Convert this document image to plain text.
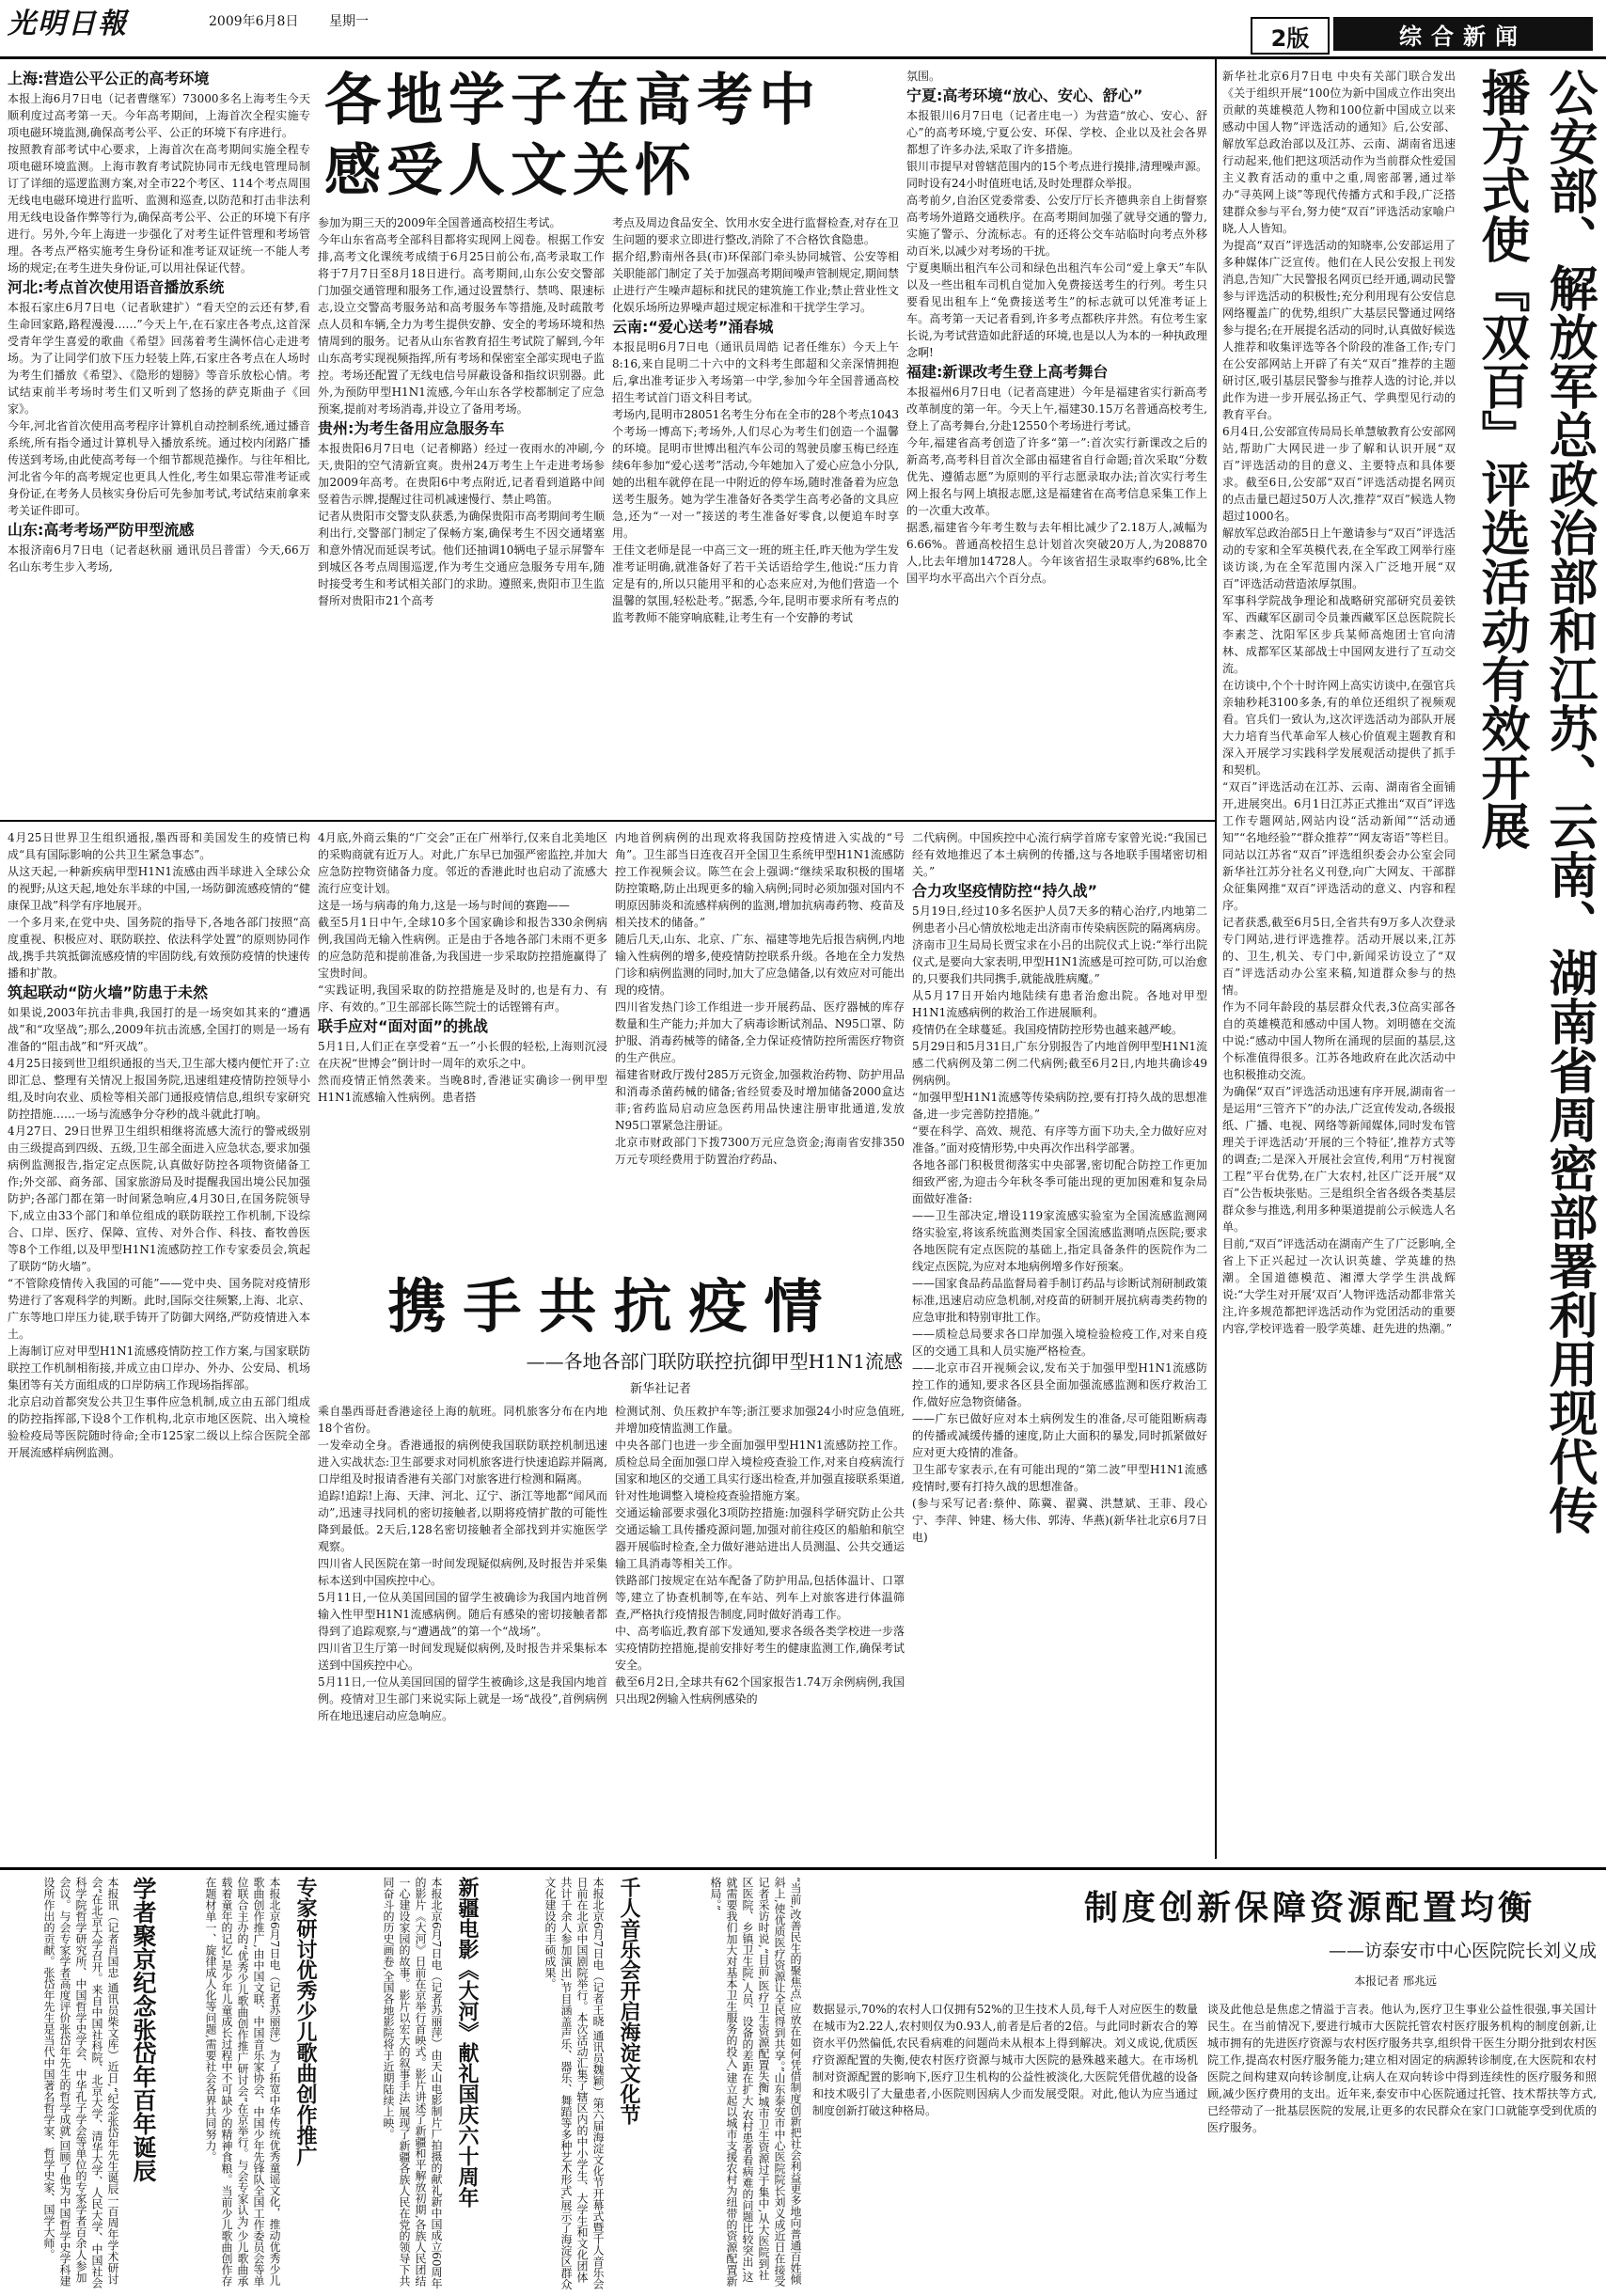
光明日報	2009年6月8日	星期一
2版	综合新闻
各地学子在高考中
感受人文关怀
上海:营造公平公正的高考环境
本报上海6月7日电（记者曹继军）73000多名上海考生今天顺利度过高考第一天。今年高考期间，上海首次全程实施专项电磁环境监测,确保高考公平、公正的环境下有序进行。
按照教育部考试中心要求，上海首次在高考期间实施全程专项电磁环境监测。上海市教育考试院协同市无线电管理局制订了详细的巡逻监测方案,对全市22个考区、114个考点周围无线电电磁环境进行监听、监测和巡查,以防范和打击非法利用无线电设备作弊等行为,确保高考公平、公正的环境下有序进行。另外,今年上海进一步强化了对考生证件管理和考场管理。各考点严格实施考生身份证和准考证双证统一不能人考场的规定;在考生进失身份证,可以用社保证代替。
河北:考点首次使用语音播放系统
本报石家庄6月7日电（记者耿建扩）“看天空的云还有梦,看生命回家路,路程漫漫……”今天上午,在石家庄各考点,这首深受青年学生喜爱的歌曲《希望》回荡着考生满怀信心走进考场。为了让同学们放下压力轻装上阵,石家庄各考点在人场时为考生们播放《希望》、《隐形的翅膀》等音乐放松心情。考试结束前半考场时考生们又听到了悠扬的萨克斯曲子《回家》。
今年,河北省首次使用高考程序计算机自动控制系统,通过播音系统,所有指令通过计算机导入播放系统。通过校内闭路广播传送到考场,由此使高考每一个细节都规范操作。与往年相比,河北省今年的高考规定也更具人性化,考生如果忘带准考证或身份证,在考务人员核实身份后可先参加考试,考试结束前拿来考关证件即可。
山东:高考考场严防甲型流感
本报济南6月7日电（记者赵秋丽 通讯员吕普雷）今天,66万名山东考生步入考场,
参加为期三天的2009年全国普通高校招生考试。
今年山东省高考全部科目都将实现网上阅卷。根据工作安排,高考文化课统考成绩于6月25日前公布,高考录取工作将于7月7日至8月18日进行。高考期间,山东公安交警部门加强交通管理和服务工作,通过设置禁行、禁鸣、限速标志,设立交警高考服务站和高考服务车等措施,及时疏散考点人员和车辆,全力为考生提供安静、安全的考场环境和热情周到的服务。记者从山东省教育招生考试院了解到,今年山东高考实现视频指挥,所有考场和保密室全部实现电子监控。考场还配置了无线电信号屏蔽设备和指纹识别器。此外,为预防甲型H1N1流感,今年山东各学校都制定了应急预案,提前对考场消毒,并设立了备用考场。
贵州:为考生备用应急服务车
本报贵阳6月7日电（记者柳路）经过一夜雨水的冲刷,今天,贵阳的空气清新宜爽。贵州24万考生上午走进考场参加2009年高考。在贵阳6中考点附近,记者看到道路中间竖着告示牌,提醒过往司机减速慢行、禁止鸣笛。
记者从贵阳市交警支队获悉,为确保贵阳市高考期间考生顺利出行,交警部门制定了保畅方案,确保考生不因交通堵塞和意外情况而延误考试。他们还抽调10辆电子显示屏警车到城区各考点周围巡逻,作为考生交通应急服务专用车,随时接受考生和考试相关部门的求助。遵照来,贵阳市卫生监督所对贵阳市21个高考
考点及周边食品安全、饮用水安全进行监督检查,对存在卫生问题的要求立即进行整改,消除了不合格饮食隐患。
据介绍,黔南州各县(市)环保部门牵头协同城管、公安等相关职能部门制定了关于加强高考期间噪声管制规定,期间禁止进行产生噪声超标和扰民的建筑施工作业;禁止营业性文化娱乐场所边界噪声超过规定标准和干扰学生学习。
云南:“爱心送考”涌春城
本报昆明6月7日电（通讯员周皓 记者任维东）今天上午8:16,来自昆明二十六中的文科考生郎超和父亲深情拥抱后,拿出准考证步入考场第一中学,参加今年全国普通高校招生考试首门语文科目考试。
考场内,昆明市28051名考生分布在全市的28个考点1043个考场一博高下;考场外,人们尽心为考生们创造一个温馨的环境。昆明市世博出租汽车公司的驾驶员廖玉梅已经连续6年参加“爱心送考”活动,今年她加入了爱心应急小分队,她的出租车就停在昆一中附近的停车场,随时准备着为应急送考生服务。她为学生准备好各类学生高考必备的文具应急,还为“一对一”接送的考生准备好零食,以便追车时享用。
王佳文老师是昆一中高三文一班的班主任,昨天他为学生发准考证明确,就准备好了若干关话语给学生,他说:“压力肯定是有的,所以只能用平和的心态来应对,为他们营造一个温馨的氛围,轻松赴考。”据悉,今年,昆明市要求所有考点的监考教师不能穿响底鞋,让考生有一个安静的考试
氛围。
宁夏:高考环境“放心、安心、舒心”
本报银川6月7日电（记者庄电一）为营造“放心、安心、舒心”的高考环境,宁夏公安、环保、学校、企业以及社会各界都想了许多办法,采取了许多措施。
银川市提早对曾辖范围内的15个考点进行摸排,清理噪声源。同时设有24小时值班电话,及时处理群众举报。
高考前夕,自治区党委常委、公安厅厅长齐德典亲自上街督察高考场外道路交通秩序。在高考期间加强了就导交通的警力,实施了警示、分流标志。有的还将公交车站临时向考点外移动百米,以减少对考场的干扰。
宁夏奥顺出租汽车公司和绿色出租汽车公司“爱上拿天”车队以及一些出租车司机自觉加入免费接送考生的行列。考生只要看见出租车上“免费接送考生”的标志就可以凭准考证上车。高考第一天记者看到,许多考点都秩序井然。有位考生家长说,为考试营造如此舒适的环境,也是以人为本的一种执政理念啊!
福建:新课改考生登上高考舞台
本报福州6月7日电（记者高建进）今年是福建省实行新高考改革制度的第一年。今天上午,福建30.15万名普通高校考生,登上了高考舞台,分赴12550个考场进行考试。
今年,福建省高考创造了许多“第一”:首次实行新课改之后的新高考,高考科目首次全部由福建省自行命题;首次采取“分数优先、遵循志愿”为原则的平行志愿录取办法;首次实行考生网上报名与网上填报志愿,这是福建省在高考信息采集工作上的一次重大改革。
据悉,福建省今年考生数与去年相比减少了2.18万人,减幅为6.66%。普通高校招生总计划首次突破20万人,为208870人,比去年增加14728人。今年该省招生录取率约68%,比全国平均水平高出六个百分点。	公安部、解放军总政治部和江苏、云南、湖南省周密部署利用现代传播方式使『双百』评选活动有效开展
新华社北京6月7日电 中央有关部门联合发出《关于组织开展“100位为新中国成立作出突出贡献的英雄模范人物和100位新中国成立以来感动中国人物”评选活动的通知》后,公安部、解放军总政治部以及江苏、云南、湖南省迅速行动起来,他们把这项活动作为当前群众性爱国主义教育活动的重中之重,周密部署,通过举办“寻英网上谈”等现代传播方式和手段,广泛搭建群众参与平台,努力使“双百”评选活动家喻户晓,人人皆知。
为提高“双百”评选活动的知晓率,公安部运用了多种媒体广泛宣传。他们在人民公安报上刊发消息,告知广大民警报名网页已经开通,调动民警参与评选活动的积极性;充分利用现有公安信息网络覆盖广的优势,组织广大基层民警通过网络参与提名;在开展提名活动的同时,认真做好候选人推荐和收集评选等各个阶段的准备工作;专门在公安部网站上开辟了有关“双百”推荐的主题研讨区,吸引基层民警参与推荐人选的讨论,并以此作为进一步开展弘扬正气、学典型见行动的教育平台。
6月4日,公安部宣传局局长单慧敏教育公安部网站,帮助广大网民进一步了解和认识开展“双百”评选活动的目的意义、主要特点和具体要求。截至6日,公安部“双百”评选活动提名网页的点击量已超过50万人次,推荐“双百”候选人物超过1000名。
解放军总政治部5日上午邀请参与“双百”评选活动的专家和全军英模代表,在全军政工网举行座谈访谈,为在全军范围内深入广泛地开展“双百”评选活动营造浓厚氛围。
军事科学院战争理论和战略研究部研究员姜铁军、西藏军区副司令员兼西藏军区总医院院长李素芝、沈阳军区步兵某师高炮团士官向清林、成都军区某部战士中国网友进行了互动交流。
在访谈中,个个十时许网上高实访谈中,在强官兵亲轴秒耗3100多条,有的单位还组织了视频观看。官兵们一致认为,这次评选活动为部队开展大力培育当代革命军人核心价值观主题教育和深入开展学习实践科学发展观活动提供了抓手和契机。
“双百”评选活动在江苏、云南、湖南省全面铺开,进展突出。6月1日江苏正式推出“双百”评选工作专题网站,网站内设“活动新闻”“活动通知”“名地经验”“群众推荐”“网友寄语”等栏目。同站以江苏省“双百”评选组织委会办公室会同新华社江苏分社名义刊登,向广大网友、干部群众征集网推“双百”评选活动的意义、内容和程序。
记者获悉,截至6月5日,全省共有9万多人次登录专门网站,进行评选推荐。活动开展以来,江苏的、卫生,机关、专门中,新闻采访设立了“双百”评选活动办公室来稿,知道群众参与的热情。
作为不同年龄段的基层群众代表,3位高实部各自的英雄模范和感动中国人物。刘明德在交流中说:“感动中国人物所在涌现的层面的基层,这个标准值得很多。江苏各地政府在此次活动中也积极推动交流。
为确保“双百”评选活动迅速有序开展,湖南省一是运用“三管齐下”的办法,广泛宣传发动,各级报纸、广播、电视、网络等新闻媒体,同时发布管理关于评选活动‘开展的三个特征’,推荐方式等的调查;二是深入开展社会宣传,利用“万村视窗工程”平台优势,在广大农村,社区广泛开展“双百”公告板块张贴。三是组织全省各级各类基层群众参与推选,利用多种渠道提前公示候选人名单。
目前,“双百”评选活动在湖南产生了广泛影响,全省上下正兴起过一次认识英雄、学英雄的热潮。全国道德模范、湘潭大学学生洪战辉说:“大学生对开展‘双百’人物评选活动都非常关注,许多规范都把评选活动作为党团活动的重要内容,学校评选着一股学英雄、赶先进的热潮。”
4月25日世界卫生组织通报,墨西哥和美国发生的疫情已构成“具有国际影响的公共卫生紧急事态”。
从这天起,一种新疾病甲型H1N1流感由西半球进入全球公众的视野;从这天起,地处东半球的中国,一场防御流感疫情的“健康保卫战”科学有序地展开。
一个多月来,在党中央、国务院的指导下,各地各部门按照“高度重视、积极应对、联防联控、依法科学处置”的原则协同作战,携手共筑抵御流感疫情的牢固防线,有效预防疫情的快速传播和扩散。
筑起联动“防火墙”防患于未然
如果说,2003年抗击非典,我国打的是一场突如其来的“遭遇战”和“攻坚战”;那么,2009年抗击流感,全国打的则是一场有准备的“阻击战”和“歼灭战”。
4月25日接到世卫组织通报的当天,卫生部大楼内便忙开了:立即汇总、整理有关情况上报国务院,迅速组建疫情防控领导小组,及时向农业、质检等相关部门通报疫情信息,组织专家研究防控措施……一场与流感争分夺秒的战斗就此打响。
4月27日、29日世界卫生组织相继将流感大流行的警戒级别由三级提高到四级、五级,卫生部全面进入应急状态,要求加强病例监测报告,指定定点医院,认真做好防控各项物资储备工作;外交部、商务部、国家旅游局及时提醒我国出境公民加强防护;各部门都在第一时间紧急响应,4月30日,在国务院领导下,成立由33个部门和单位组成的联防联控工作机制,下设综合、口岸、医疗、保障、宣传、对外合作、科技、畜牧兽医等8个工作组,以及甲型H1N1流感防控工作专家委员会,筑起了联防“防火墙”。
“不管除疫情传入我国的可能”——党中央、国务院对疫情形势进行了客观科学的判断。此时,国际交往频繁,上海、北京、广东等地口岸压力徒,联手铸开了防御大网络,严防疫情进入本土。
上海制订应对甲型H1N1流感疫情防控工作方案,与国家联防联控工作机制相衔接,并成立由口岸办、外办、公安局、机场集团等有关方面组成的口岸防病工作现场指挥部。
北京启动首都突发公共卫生事件应急机制,成立由五部门组成的防控指挥部,下设8个工作机构,北京市地区医院、出入境检验检疫局等医院随时待命;全市125家二级以上综合医院全部开展流感样病例监测。
4月底,外商云集的“广交会”正在广州举行,仅来自北美地区的采购商就有近万人。对此,广东早已加强严密监控,并加大应急防控物资储备力度。邻近的香港此时也启动了流感大流行应变计划。
这是一场与病毒的角力,这是一场与时间的赛跑——
截至5月1日中午,全球10多个国家确诊和报告330余例病例,我国尚无输入性病例。正是由于各地各部门未雨不更多的应急防范和提前准备,为我国进一步采取防控措施赢得了宝贵时间。
“实践证明,我国采取的防控措施是及时的,也是有力、有序、有效的。”卫生部部长陈竺院士的话铿锵有声。
联手应对“面对面”的挑战
5月1日,人们正在享受着“五一”小长假的轻松,上海则沉浸在庆祝“世博会”倒计时一周年的欢乐之中。
然而疫情正悄然袭来。当晚8时,香港证实确诊一例甲型H1N1流感输入性病例。患者搭
内地首例病例的出现欢将我国防控疫情进入实战的“号角”。卫生部当日连夜召开全国卫生系统甲型H1N1流感防控工作视频会议。陈竺在会上强调:“继续采取积极的围堵防控策略,防止出现更多的输入病例;同时必须加强对国内不明原因肺炎和流感样病例的监测,增加抗病毒药物、疫苗及相关技术的储备。”
随后几天,山东、北京、广东、福建等地先后报告病例,内地输入性病例的增多,使疫情防控联系升级。各地在全力发热门诊和病例监测的同时,加大了应急储备,以有效应对可能出现的疫情。
四川省发热门诊工作组进一步开展药品、医疗器械的库存数量和生产能力;并加大了病毒诊断试剂品、N95口罩、防护服、消毒药械等的储备,全力保证疫情防控所需医疗物资的生产供应。
福建省财政厅拨付285万元资金,加强救治药物、防护用品和消毒杀菌药械的储备;省经贸委及时增加储备2000盒达菲;省药监局启动应急医药用品快速注册审批通道,发放N95口罩紧急注册证。
北京市财政部门下拨7300万元应急资金;海南省安排350万元专项经费用于防置治疗药品、
二代病例。中国疾控中心流行病学首席专家曾光说:“我国已经有效地推迟了本土病例的传播,这与各地联手围堵密切相关。”
合力攻坚疫情防控“持久战”
5月19日,经过10多名医护人员7天多的精心治疗,内地第二例患者小吕心情放松地走出济南市传染病医院的隔离病房。济南市卫生局局长贾宝求在小吕的出院仪式上说:“举行出院仪式,是要向大家表明,甲型H1N1流感是可控可防,可以治愈的,只要我们共同携手,就能战胜病魔。”
从5月17日开始内地陆续有患者治愈出院。各地对甲型H1N1流感病例的救治工作进展顺利。
疫情仍在全球蔓延。我国疫情防控形势也越来越严峻。
5月29日和5月31日,广东分别报告了内地首例甲型H1N1流感二代病例及第二例二代病例;截至6月2日,内地共确诊49例病例。
“加强甲型H1N1流感等传染病防控,要有打持久战的思想准备,进一步完善防控措施。”
“要在科学、高效、规范、有序等方面下功夫,全力做好应对准备。”面对疫情形势,中央再次作出科学部署。
各地各部门积极贯彻落实中央部署,密切配合防控工作更加细致严密,为迎击今年秋冬季可能出现的更加困难和复杂局面做好准备:
——卫生部决定,增设119家流感实验室为全国流感监测网络实验室,将该系统监测类国家全国流感监测哨点医院;要求各地医院有定点医院的基础上,指定具备条件的医院作为二线定点医院,为应对本地病例增多作好预案。
——国家食品药品监督局着手制订药品与诊断试剂研制政策标准,迅速启动应急机制,对疫苗的研制开展抗病毒类药物的应急审批和特别审批工作。
——质检总局要求各口岸加强入境检验检疫工作,对来自疫区的交通工具和人员实施严格检查。
——北京市召开视频会议,发布关于加强甲型H1N1流感防控工作的通知,要求各区县全面加强流感监测和医疗救治工作,做好应急物资储备。
——广东已做好应对本土病例发生的准备,尽可能阻断病毒的传播或减缓传播的速度,防止大面积的暴发,同时抓紧做好应对更大疫情的准备。
卫生部专家表示,在有可能出现的“第二波”甲型H1N1流感疫情时,要有打持久战的思想准备。
(参与采写记者:蔡仲、陈冀、翟冀、洪慧斌、王菲、段心宁、李萍、钟建、杨大伟、郭涛、华燕)(新华社北京6月7日电)
携手共抗疫情
——各地各部门联防联控抗御甲型H1N1流感
新华社记者
乘自墨西哥赶香港途径上海的航班。同机旅客分布在内地18个省份。
一发牵动全身。香港通报的病例使我国联防联控机制迅速进入实战状态:卫生部要求对同机旅客进行快速追踪并隔离,口岸组及时报请香港有关部门对旅客进行检测和隔离。
追踪!追踪!上海、天津、河北、辽宁、浙江等地都“闻风而动”,迅速寻找同机的密切接触者,以期将疫情扩散的可能性降到最低。2天后,128名密切接触者全部找到并实施医学观察。
四川省人民医院在第一时间发现疑似病例,及时报告并采集标本送到中国疾控中心。
5月11日,一位从美国回国的留学生被确诊为我国内地首例输入性甲型H1N1流感病例。随后有感染的密切接触者都得到了追踪观察,与“遭遇战”的第一个“战场”。
四川省卫生厅第一时间发现疑似病例,及时报告并采集标本送到中国疾控中心。
5月11日,一位从美国回国的留学生被确诊,这是我国内地首例。疫情对卫生部门来说实际上就是一场“战役”,首例病例所在地迅速启动应急响应。
检测试剂、负压救护车等;浙江要求加强24小时应急值班,并增加疫情监测工作量。
中央各部门也进一步全面加强甲型H1N1流感防控工作。质检总局全面加强口岸入境检疫查验工作,对来自疫病流行国家和地区的交通工具实行逐出检查,并加强直接联系渠道,针对性地调整入境检疫查验措施方案。
交通运输部要求强化3项防控措施:加强科学研究防止公共交通运输工具传播疫源问题,加强对前往疫区的船舶和航空器开展临时检查,全力做好港站进出人员测温、公共交通运输工具消毒等相关工作。
铁路部门按规定在站车配备了防护用品,包括体温计、口罩等,建立了协查机制等,在车站、列车上对旅客进行体温筛查,严格执行疫情报告制度,同时做好消毒工作。
中、高考临近,教育部下发通知,要求各级各类学校进一步落实疫情防控措施,提前安排好考生的健康监测工作,确保考试安全。
截至6月2日,全球共有62个国家报告1.74万余例病例,我国只出现2例输入性病例感染的
学者聚京纪念张岱年百年诞辰
本报讯（记者肖国忠 通讯员柴文库）近日,“纪念张岱年先生诞辰一百周年学术研讨会”在北京大学召开。来自中国社科院、北京大学、清华大学、人民大学、中国社会科学院哲学研究所、中国哲学史学会、中华孔子学会等单位的专家学者百余人参加会议。与会专家学者高度评价张岱年先生的哲学成就,回顾了他为中国哲学史学科建设所作出的贡献。张岱年先生是当代中国著名哲学家、哲学史家、国学大师。	专家研讨优秀少儿歌曲创作推广
本报北京6月7日电（记者苏丽萍）为了拓宽中华传统优秀童谣文化，推动优秀少儿歌曲创作推广,由中国文联、中国音乐家协会、中国少年先锋队全国工作委员会等单位联合主办的“优秀少儿歌曲创作推广研讨会”在京举行。与会专家认为,少儿歌曲承载着童年的记忆,是少年儿童成长过程中不可缺少的精神食粮。当前少儿歌曲创作存在题材单一、旋律成人化等问题,需要社会各界共同努力。	新疆电影《大河》献礼国庆六十周年
本报北京6月7日电（记者苏丽萍）由天山电影制片厂拍摄的献礼新中国成立60周年的影片《大河》日前在京举行首映式。影片讲述了新疆和平解放初期,各族人民团结一心建设家园的故事。影片以宏大的叙事手法,展现了新疆各族人民在党的领导下共同奋斗的历史画卷,全国各地影院将于近期陆续上映。	千人音乐会开启海淀文化节
本报北京6月7日电（记者王晓 通讯员魏颖）第六届海淀文化节开幕式暨千人音乐会日前在北京中国剧院举行。本次活动汇集了辖区内的中小学生、大学生和文化团体共计千余人参加演出,节目涵盖声乐、器乐、舞蹈等多种艺术形式,展示了海淀区群众文化建设的丰硕成果。	“当前,改善民生的聚焦点,应放在如何凭借制度创新把社会利益更多地向普通百姓倾斜上,使优质医疗资源让全民得到共享。”山东泰安市中心医院院长刘义成近日在接受记者采访时说,“目前,医疗卫生资源配置失衡,城市卫生资源过于集中,从大医院到社区医院、乡镇卫生院,人员、设备的差距在扩大,农村患者看病难的问题比较突出,这就需要我们加大对基本卫生服务的投入,建立起以城市支援农村为纽带的资源配置新格局。”	制度创新保障资源配置均衡
——访泰安市中心医院院长刘义成
本报记者 邢兆远
数据显示,70%的农村人口仅拥有52%的卫生技术人员,每千人对应医生的数量在城市为2.22人,农村则仅为0.93人,前者是后者的2倍。与此同时新农合的筹资水平仍然偏低,农民看病难的问题尚未从根本上得到解决。刘义成说,优质医疗资源配置的失衡,使农村医疗资源与城市大医院的悬殊越来越大。在市场机制对资源配置的影响下,医疗卫生机构的公益性被淡化,大医院凭借优越的设备和技术吸引了大量患者,小医院则因病人少而发展受限。对此,他认为应当通过制度创新打破这种格局。
谈及此他总是焦虑之情溢于言表。他认为,医疗卫生事业公益性很强,事关国计民生。在当前情况下,要进行城市大医院托管农村医疗服务机构的制度创新,让城市拥有的先进医疗资源与农村医疗服务共享,组织骨干医生分期分批到农村医院工作,提高农村医疗服务能力;建立相对固定的病源转诊制度,在大医院和农村医院之间构建双向转诊制度,让病人在双向转诊中得到连续性的医疗服务和照顾,减少医疗费用的支出。近年来,泰安市中心医院通过托管、技术帮扶等方式,已经带动了一批基层医院的发展,让更多的农民群众在家门口就能享受到优质的医疗服务。
